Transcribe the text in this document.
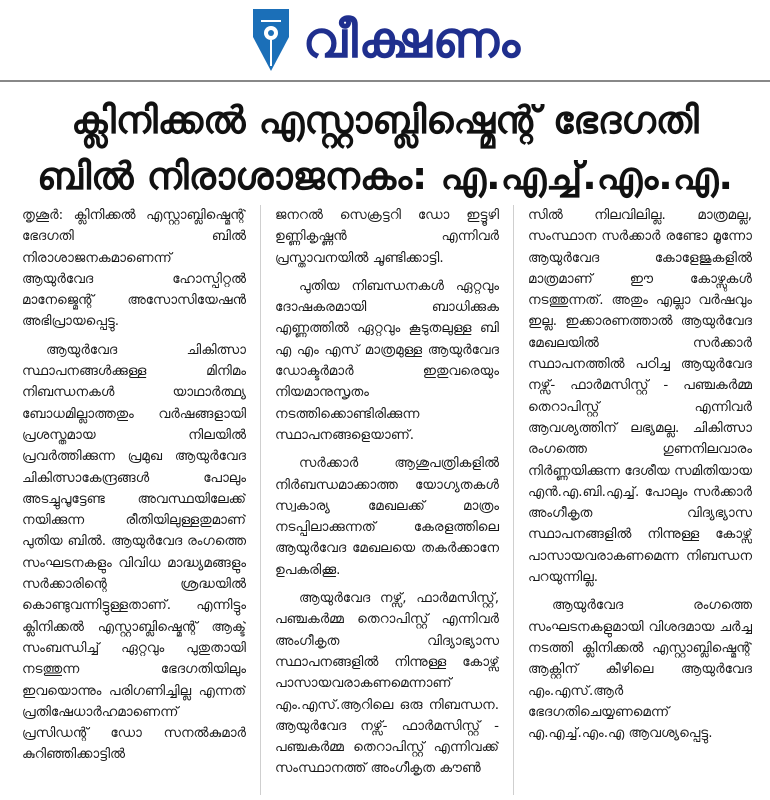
വീക്ഷണം
ക്ലിനിക്കൽ എസ്റ്റാബ്ലിഷ്മെന്റ് ഭേദഗതി
ബിൽ നിരാശാജനകം: എ.എച്ച്.എം.എ.

തൃശൂർ: ക്ലിനിക്കൽ എസ്റ്റാബ്ലിഷ്മെന്റ് ഭേദഗതി ബിൽ നിരാശാജനകമാണെന്ന് ആയുർവേദ ഹോസ്പിറ്റൽ മാനേജ്മെന്റ് അസോസിയേഷൻ അഭിപ്രായപ്പെട്ടു.

ആയുർവേദ ചികിത്സാ സ്ഥാപനങ്ങൾക്കുള്ള മിനിമം നിബന്ധനകൾ യാഥാർത്ഥ്യ ബോധമില്ലാത്തതും വർഷങ്ങളായി പ്രശസ്തമായ നിലയിൽ പ്രവർത്തിക്കുന്ന പ്രമുഖ ആയുർവേദ ചികിത്സാകേന്ദ്രങ്ങൾ പോലും അടച്ചുപൂട്ടേണ്ട അവസ്ഥയിലേക്ക് നയിക്കുന്ന രീതിയിലുള്ളതുമാണ് പുതിയ ബിൽ. ആയുർവേദ രംഗത്തെ സംഘടനകളും വിവിധ മാദ്ധ്യമങ്ങളും സർക്കാരിന്റെ ശ്രദ്ധയിൽ കൊണ്ടുവന്നിട്ടുള്ളതാണ്. എന്നിട്ടും ക്ലിനിക്കൽ എസ്റ്റാബ്ലിഷ്മെന്റ് ആക്ട് സംബന്ധിച്ച് ഏറ്റവും പുതുതായി നടത്തുന്ന ഭേദഗതിയിലും ഇവയൊന്നും പരിഗണിച്ചില്ല എന്നത് പ്രതിഷേധാർഹമാണെന്ന് പ്രസിഡന്റ് ഡോ സനൽകുമാർ കുറിഞ്ഞിക്കാട്ടിൽ

ജനറൽ സെക്രട്ടറി ഡോ ഇട്ടൂഴി ഉണ്ണികൃഷ്ണൻ എന്നിവർ പ്രസ്താവനയിൽ ചൂണ്ടിക്കാട്ടി.

പുതിയ നിബന്ധനകൾ ഏറ്റവും ദോഷകരമായി ബാധിക്കുക എണ്ണത്തിൽ ഏറ്റവും കൂടുതലുള്ള ബി എ എം എസ് മാത്രമുള്ള ആയുർവേദ ഡോക്ടർമാർ ഇതുവരെയും നിയമാനുസൃതം നടത്തിക്കൊണ്ടിരിക്കുന്ന സ്ഥാപനങ്ങളെയാണ്.

സർക്കാർ ആശുപത്രികളിൽ നിർബന്ധമാക്കാത്ത യോഗ്യതകൾ സ്വകാര്യ മേഖലക്ക് മാത്രം നടപ്പിലാക്കുന്നത് കേരളത്തിലെ ആയുർവേദ മേഖലയെ തകർക്കാനേ ഉപകരിക്കൂ.

ആയുർവേദ നഴ്സ്, ഫാർമസിസ്റ്റ്, പഞ്ചകർമ്മ തെറാപിസ്റ്റ് എന്നിവർ അംഗീകൃത വിദ്യാഭ്യാസ സ്ഥാപനങ്ങളിൽ നിന്നുള്ള കോഴ്സ് പാസായവരാകണമെന്നാണ് എം.എസ്.ആറിലെ ഒരു നിബന്ധന. ആയുർവേദ നഴ്സ്- ഫാർമസിസ്റ്റ് - പഞ്ചകർമ്മ തെറാപിസ്റ്റ് എന്നിവക്ക് സംസ്ഥാനത്ത് അംഗീകൃത കൗൺ

സിൽ നിലവിലില്ല. മാത്രമല്ല, സംസ്ഥാന സർക്കാർ രണ്ടോ മൂന്നോ ആയുർവേദ കോളേജുകളിൽ മാത്രമാണ് ഈ കോഴ്സുകൾ നടത്തുന്നത്. അതും എല്ലാ വർഷവും ഇല്ല. ഇക്കാരണത്താൽ ആയുർവേദ മേഖലയിൽ സർക്കാർ സ്ഥാപനത്തിൽ പഠിച്ച ആയുർവേദ നഴ്സ്- ഫാർമസിസ്റ്റ് - പഞ്ചകർമ്മ തെറാപിസ്റ്റ് എന്നിവർ ആവശ്യത്തിന് ലഭ്യമല്ല. ചികിത്സാ രംഗത്തെ ഗുണനിലവാരം നിർണ്ണയിക്കുന്ന ദേശീയ സമിതിയായ എൻ.എ.ബി.എച്ച്. പോലും സർക്കാർ അംഗീകൃത വിദ്യഭ്യാസ സ്ഥാപനങ്ങളിൽ നിന്നുള്ള കോഴ്സ് പാസായവരാകണമെന്ന നിബന്ധന പറയുന്നില്ല.

ആയുർവേദ രംഗത്തെ സംഘടനകളുമായി വിശദമായ ചർച്ച നടത്തി ക്ലിനിക്കൽ എസ്റ്റാബ്ലിഷ്മെന്റ് ആക്റ്റിന് കീഴിലെ ആയുർവേദ എം.എസ്.ആർ ഭേദഗതിചെയ്യണമെന്ന് എ.എച്ച്.എം.എ ആവശ്യപ്പെട്ടു.
